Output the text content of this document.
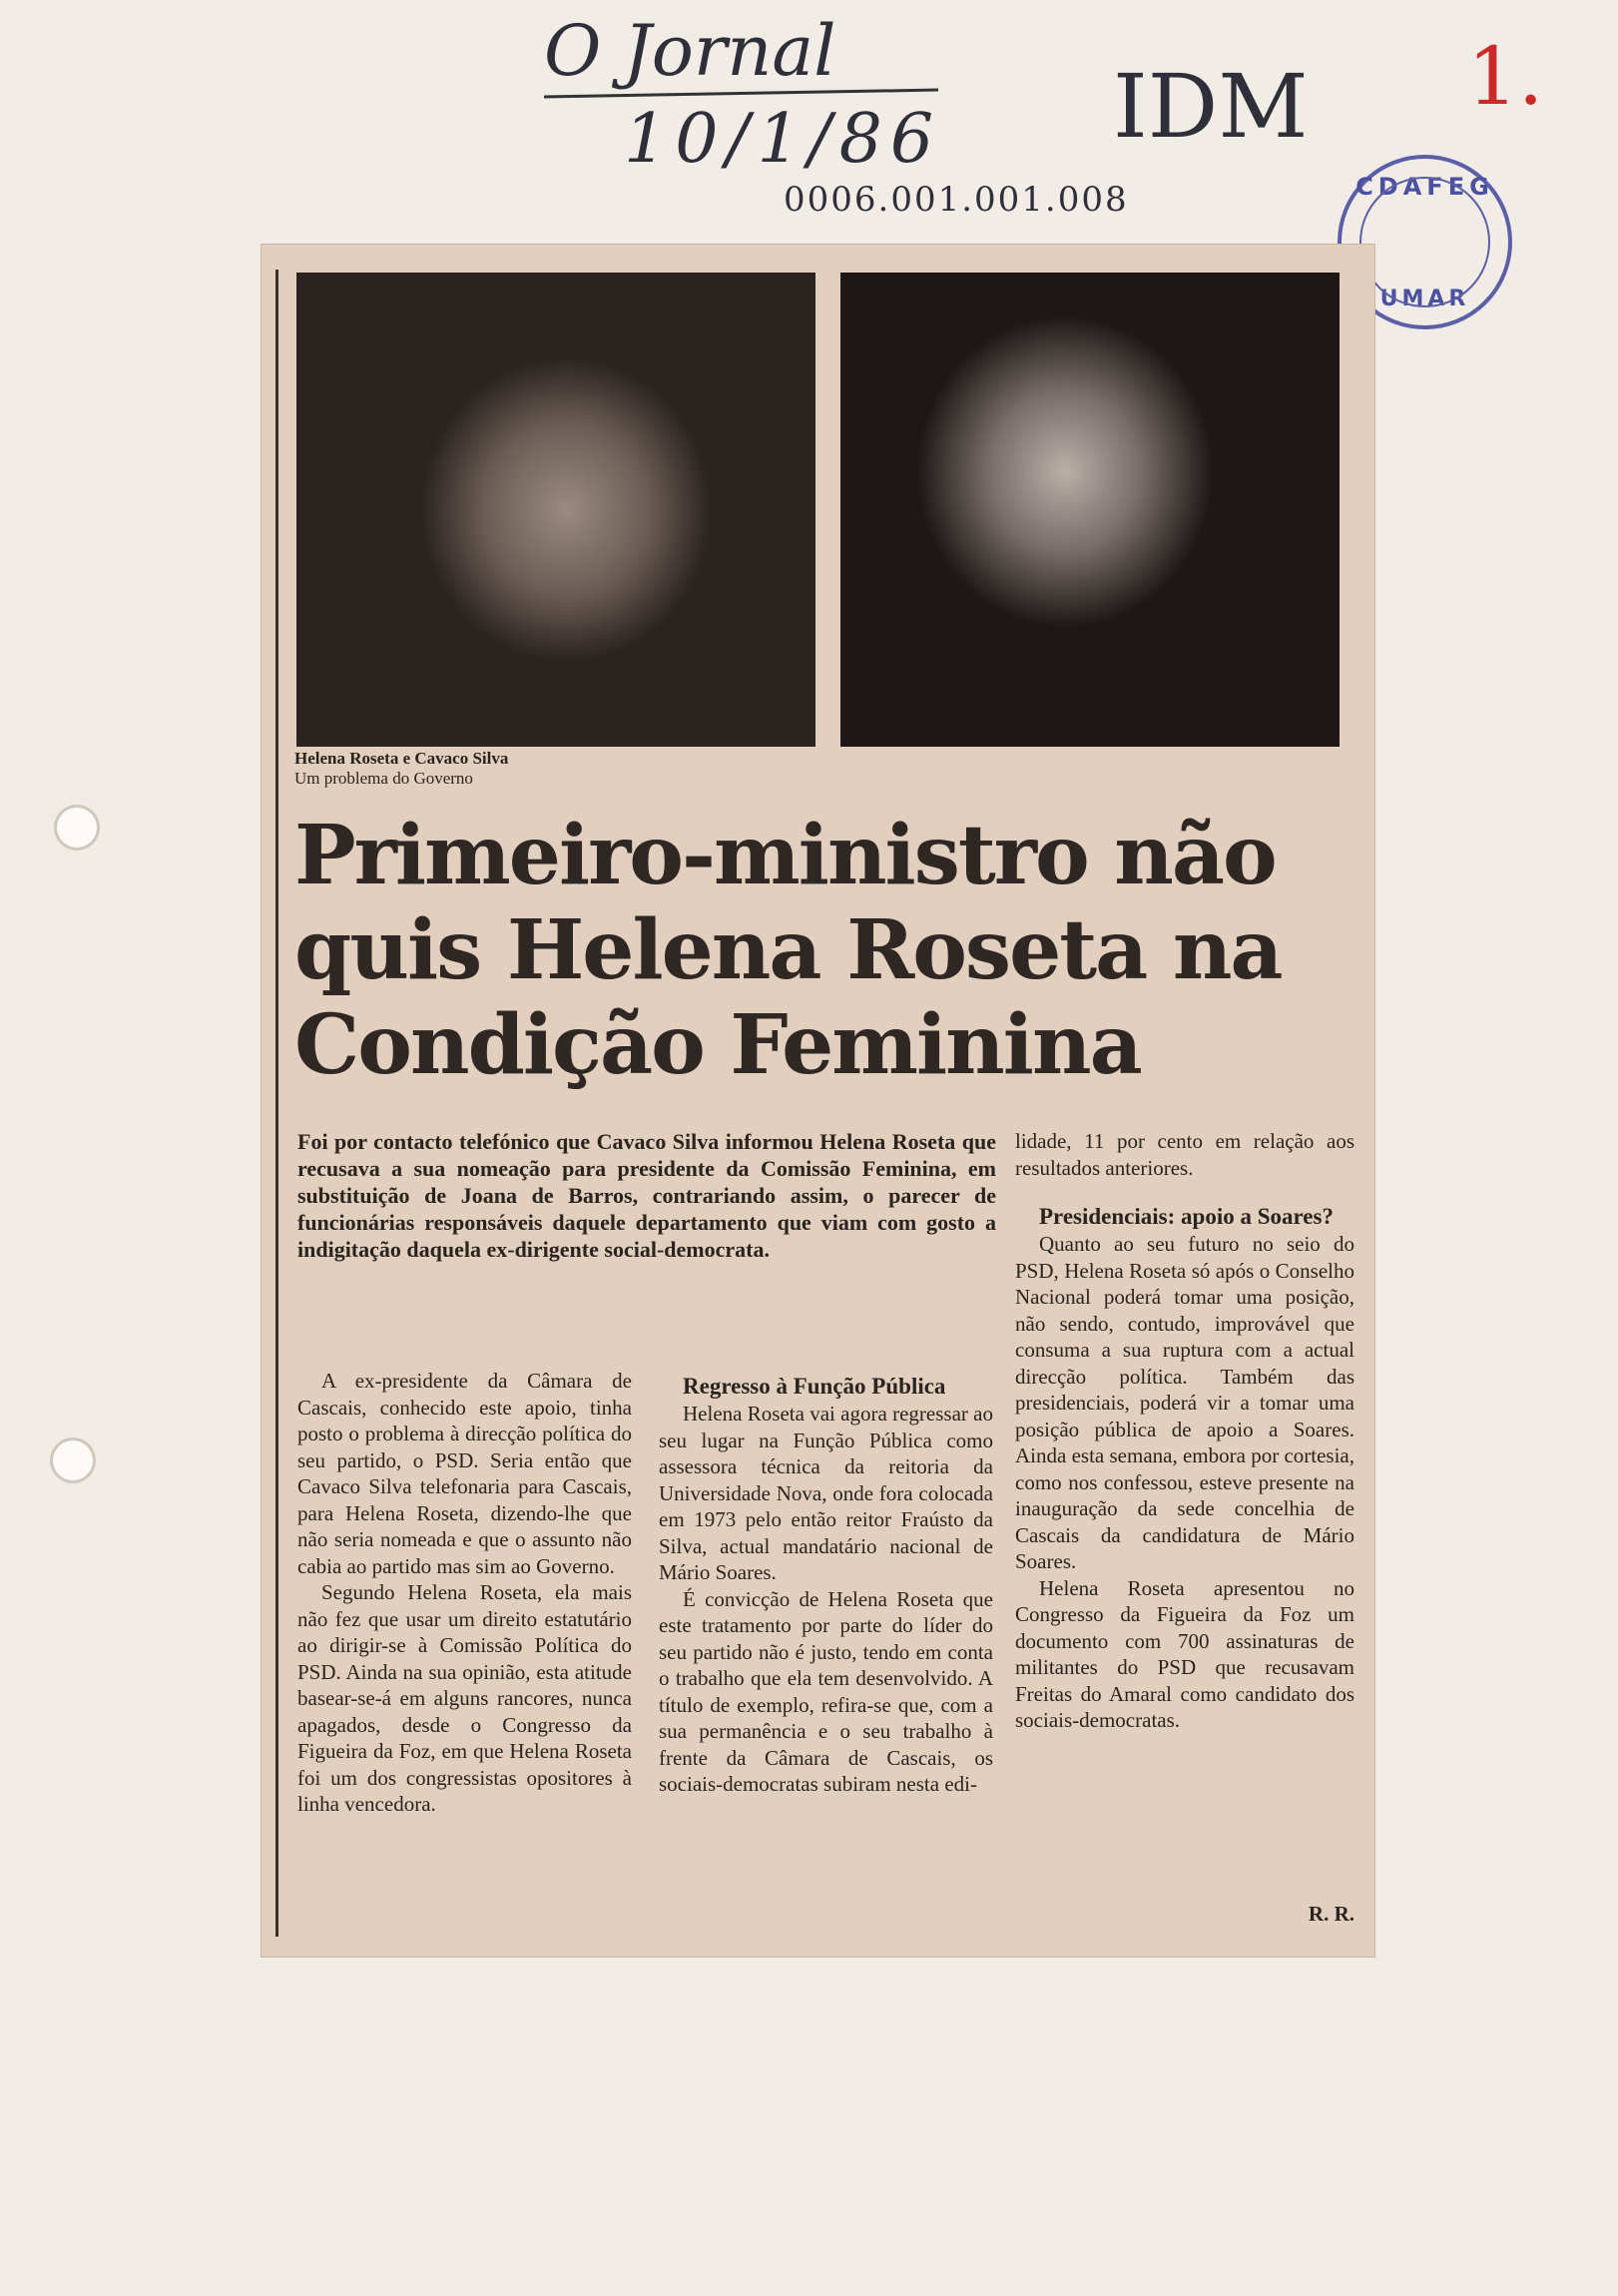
O Jornal
10/1/86
0006.001.001.008
IDM 1.
CDAFEG
UMAR
Helena Roseta e Cavaco Silva
Um problema do Governo
Primeiro-ministro não quis Helena Roseta na Condição Feminina

Foi por contacto telefónico que Cavaco Silva informou Helena Roseta que recusava a sua nomeação para presidente da Comissão Feminina, em substituição de Joana de Barros, contrariando assim, o parecer de funcionárias responsáveis daquele departamento que viam com gosto a indigitação daquela ex-dirigente social-democrata.

A ex-presidente da Câmara de Cascais, conhecido este apoio, tinha posto o problema à direcção política do seu partido, o PSD. Seria então que Cavaco Silva telefonaria para Cascais, para Helena Roseta, dizendo-lhe que não seria nomeada e que o assunto não cabia ao partido mas sim ao Governo.

Segundo Helena Roseta, ela mais não fez que usar um direito estatutário ao dirigir-se à Comissão Política do PSD. Ainda na sua opinião, esta atitude basear-se-á em alguns rancores, nunca apagados, desde o Congresso da Figueira da Foz, em que Helena Roseta foi um dos congressistas opositores à linha vencedora.

Regresso à Função Pública

Helena Roseta vai agora regressar ao seu lugar na Função Pública como assessora técnica da reitoria da Universidade Nova, onde fora colocada em 1973 pelo então reitor Fraústo da Silva, actual mandatário nacional de Mário Soares.

É convicção de Helena Roseta que este tratamento por parte do líder do seu partido não é justo, tendo em conta o trabalho que ela tem desenvolvido. A título de exemplo, refira-se que, com a sua permanência e o seu trabalho à frente da Câmara de Cascais, os sociais-democratas subiram nesta edi-

lidade, 11 por cento em relação aos resultados anteriores.

Presidenciais: apoio a Soares?

Quanto ao seu futuro no seio do PSD, Helena Roseta só após o Conselho Nacional poderá tomar uma posição, não sendo, contudo, improvável que consuma a sua ruptura com a actual direcção política. Também das presidenciais, poderá vir a tomar uma posição pública de apoio a Soares. Ainda esta semana, embora por cortesia, como nos confessou, esteve presente na inauguração da sede concelhia de Cascais da candidatura de Mário Soares.

Helena Roseta apresentou no Congresso da Figueira da Foz um documento com 700 assinaturas de militantes do PSD que recusavam Freitas do Amaral como candidato dos sociais-democratas.

R. R.
